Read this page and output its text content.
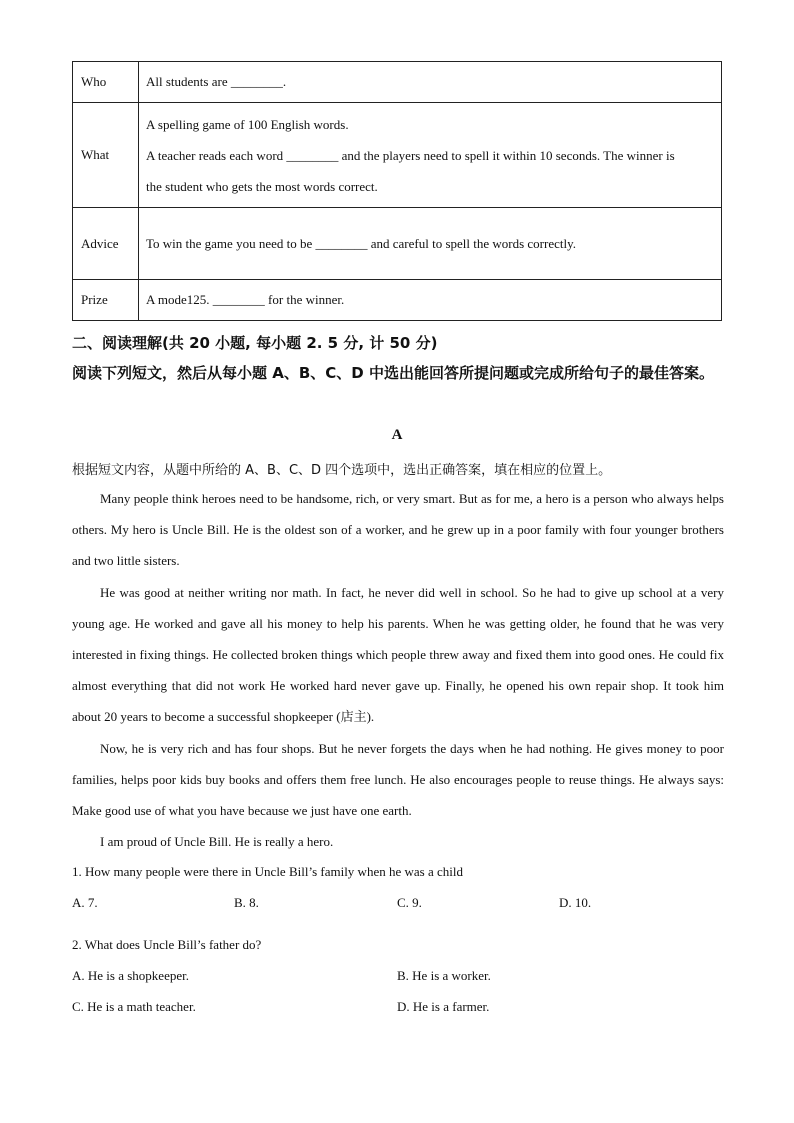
Who	All students are ________.
What	A spelling game of 100 English words.
A teacher reads each word ________ and the players need to spell it within 10 seconds. The winner is
the student who gets the most words correct.

Advice	To win the game you need to be ________ and careful to spell the words correctly.
Prize	A mode125. ________ for the winner.
二、阅读理解(共 20 小题, 每小题 2. 5 分, 计 50 分)
阅读下列短文，然后从每小题 A、B、C、D 中选出能回答所提问题或完成所给句子的最佳答案。
A
根据短文内容，从题中所给的 A、B、C、D 四个选项中，选出正确答案，填在相应的位置上。

Many people think heroes need to be handsome, rich, or very smart. But as for me, a hero is a person who always helps others. My hero is Uncle Bill. He is the oldest son of a worker, and he grew up in a poor family with four younger brothers and two little sisters.

He was good at neither writing nor math. In fact, he never did well in school. So he had to give up school at a very young age. He worked and gave all his money to help his parents. When he was getting older, he found that he was very interested in fixing things. He collected broken things which people threw away and fixed them into good ones. He could fix almost everything that did not work He worked hard never gave up. Finally, he opened his own repair shop. It took him about 20 years to become a successful shopkeeper (店主).

Now, he is very rich and has four shops. But he never forgets the days when he had nothing. He gives money to poor families, helps poor kids buy books and offers them free lunch. He also encourages people to reuse things. He always says: Make good use of what you have because we just have one earth.

I am proud of Uncle Bill. He is really a hero.

1. How many people were there in Uncle Bill’s family when he was a child
A. 7.	B. 8.	C. 9.	D. 10.
2. What does Uncle Bill’s father do?
A. He is a shopkeeper.	B. He is a worker.
C. He is a math teacher.	D. He is a farmer.
